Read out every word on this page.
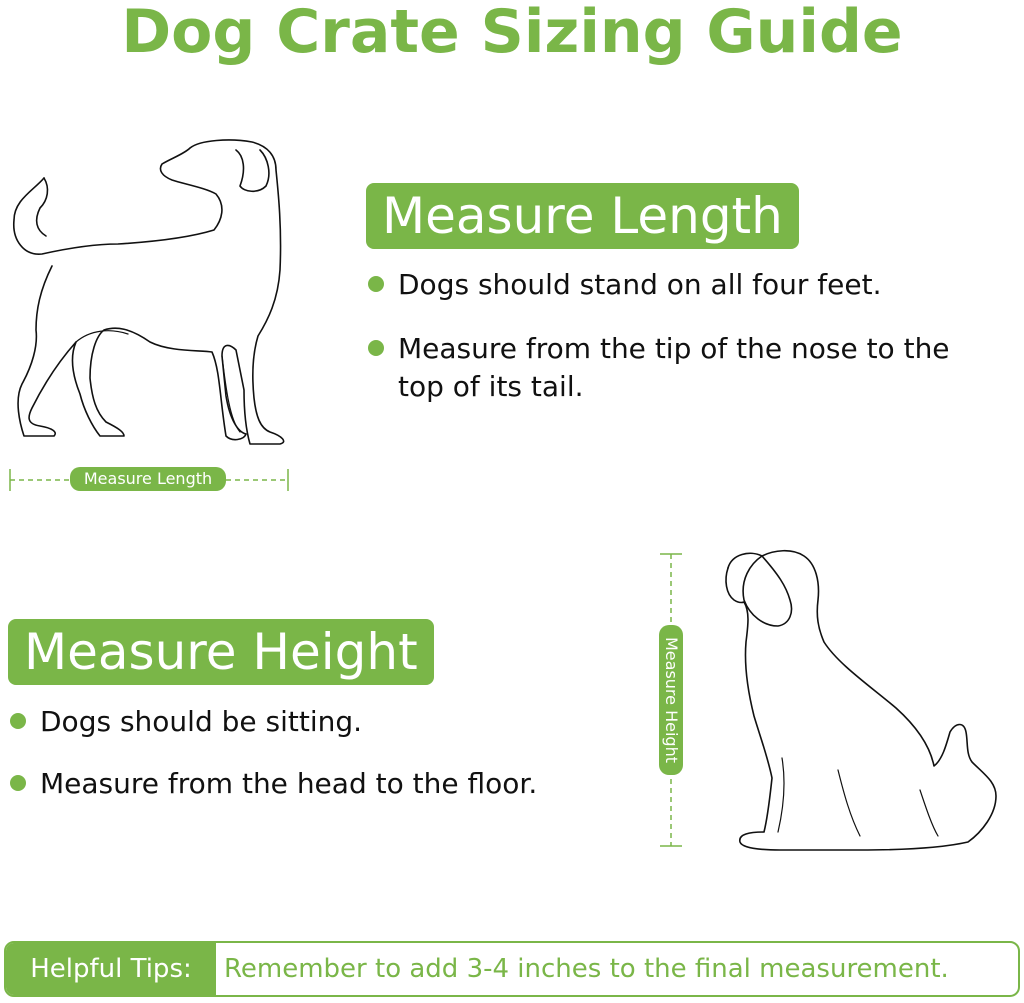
Dog Crate Sizing Guide
Measure Length
Measure Length
Dogs should stand on all four feet.
Measure from the tip of the nose to the
top of its tail.
Measure Height
Dogs should be sitting.
Measure from the head to the floor.
Measure Height
Helpful Tips:	Remember to add 3-4 inches to the final measurement.
